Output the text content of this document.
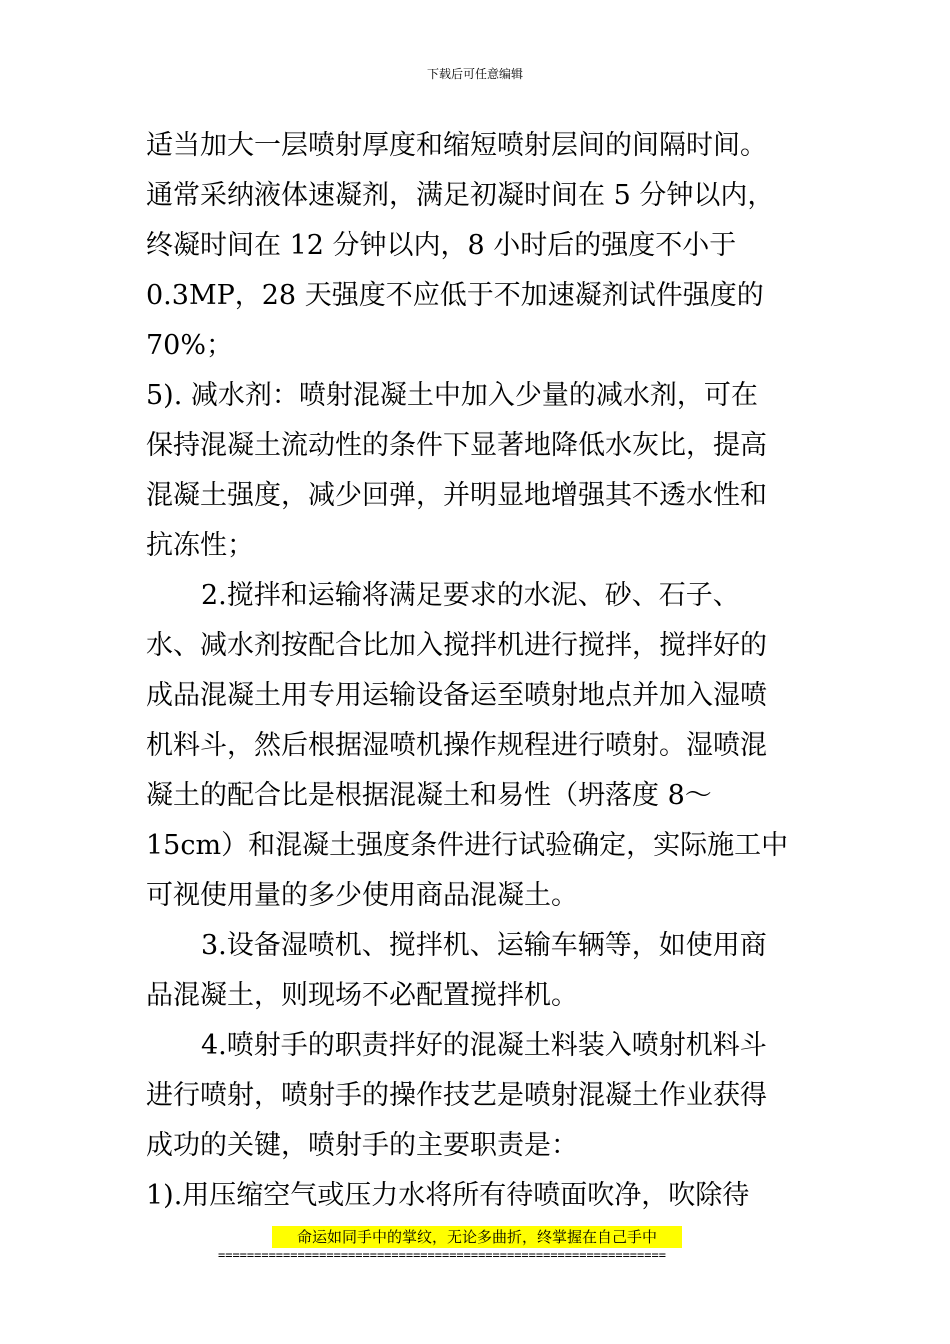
下载后可任意编辑
适当加大一层喷射厚度和缩短喷射层间的间隔时间。
通常采纳液体速凝剂，满足初凝时间在 5 分钟以内，
终凝时间在 12 分钟以内，8 小时后的强度不小于
0.3MP，28 天强度不应低于不加速凝剂试件强度的
70%；
5). 减水剂：喷射混凝土中加入少量的减水剂，可在
保持混凝土流动性的条件下显著地降低水灰比，提高
混凝土强度，减少回弹，并明显地增强其不透水性和
抗冻性；
2.搅拌和运输将满足要求的水泥、砂、石子、
水、减水剂按配合比加入搅拌机进行搅拌，搅拌好的
成品混凝土用专用运输设备运至喷射地点并加入湿喷
机料斗，然后根据湿喷机操作规程进行喷射。湿喷混
凝土的配合比是根据混凝土和易性（坍落度 8～
15cm）和混凝土强度条件进行试验确定，实际施工中
可视使用量的多少使用商品混凝土。
3.设备湿喷机、搅拌机、运输车辆等，如使用商
品混凝土，则现场不必配置搅拌机。
4.喷射手的职责拌好的混凝土料装入喷射机料斗
进行喷射，喷射手的操作技艺是喷射混凝土作业获得
成功的关键，喷射手的主要职责是：
1).用压缩空气或压力水将所有待喷面吹净，吹除待
命运如同手中的掌纹，无论多曲折，终掌握在自己手中
==============================================================
